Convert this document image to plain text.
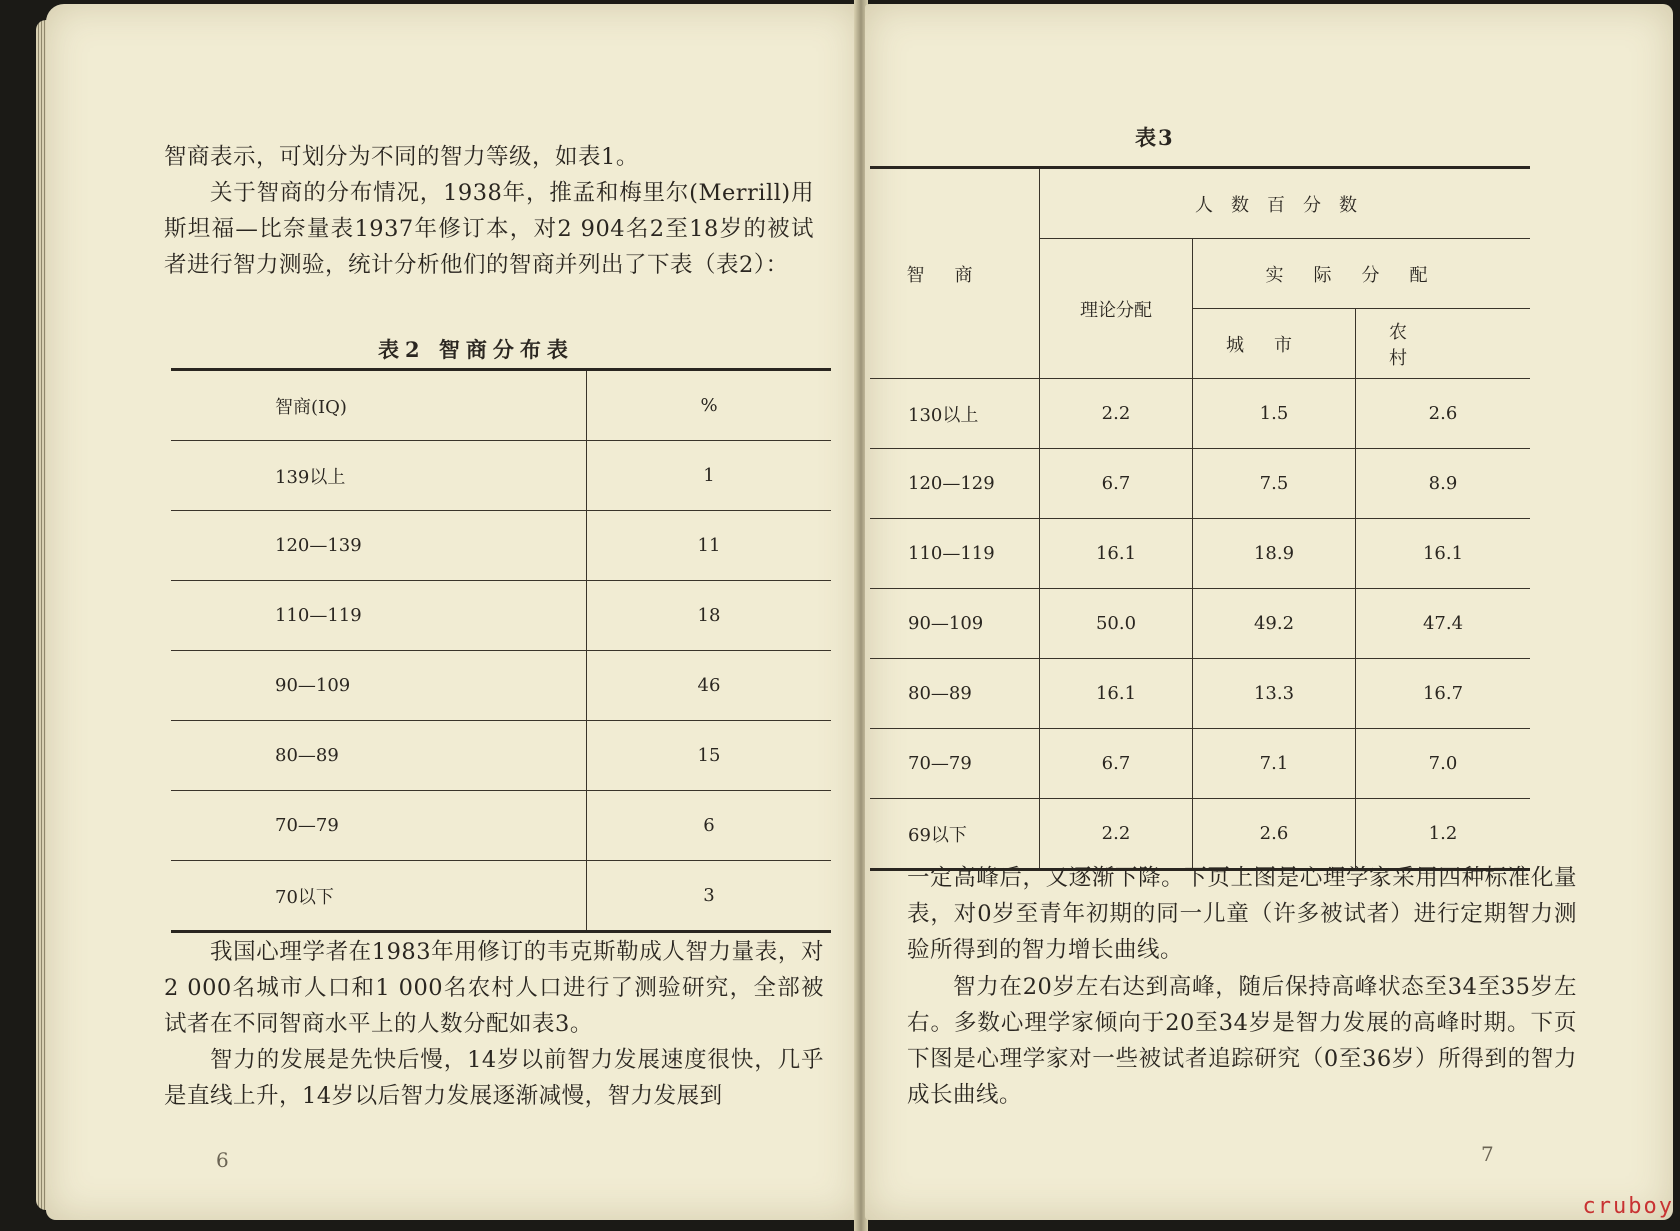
智商表示，可划分为不同的智力等级，如表1。

关于智商的分布情况，1938年，推孟和梅里尔(Merrill)用斯坦福—比奈量表1937年修订本，对2 904名2至18岁的被试者进行智力测验，统计分析他们的智商并列出了下表（表2）：

表2 智商分布表
智商(IQ)	%
139以上	1
120—139	11
110—119	18
90—109	46
80—89	15
70—79	6
70以下	3

我国心理学者在1983年用修订的韦克斯勒成人智力量表，对2 000名城市人口和1 000名农村人口进行了测验研究，全部被试者在不同智商水平上的人数分配如表3。

智力的发展是先快后慢，14岁以前智力发展速度很快，几乎是直线上升，14岁以后智力发展逐渐减慢，智力发展到

6
表3
智商	人数百分数		
	理论分配	实际分配	
		城市	农村
130以上	2.2	1.5	2.6
120—129	6.7	7.5	8.9
110—119	16.1	18.9	16.1
90—109	50.0	49.2	47.4
80—89	16.1	13.3	16.7
70—79	6.7	7.1	7.0
69以下	2.2	2.6	1.2

一定高峰后，又逐渐下降。下页上图是心理学家采用四种标准化量表，对0岁至青年初期的同一儿童（许多被试者）进行定期智力测验所得到的智力增长曲线。

智力在20岁左右达到高峰，随后保持高峰状态至34至35岁左右。多数心理学家倾向于20至34岁是智力发展的高峰时期。下页下图是心理学家对一些被试者追踪研究（0至36岁）所得到的智力成长曲线。

7
cruboy
